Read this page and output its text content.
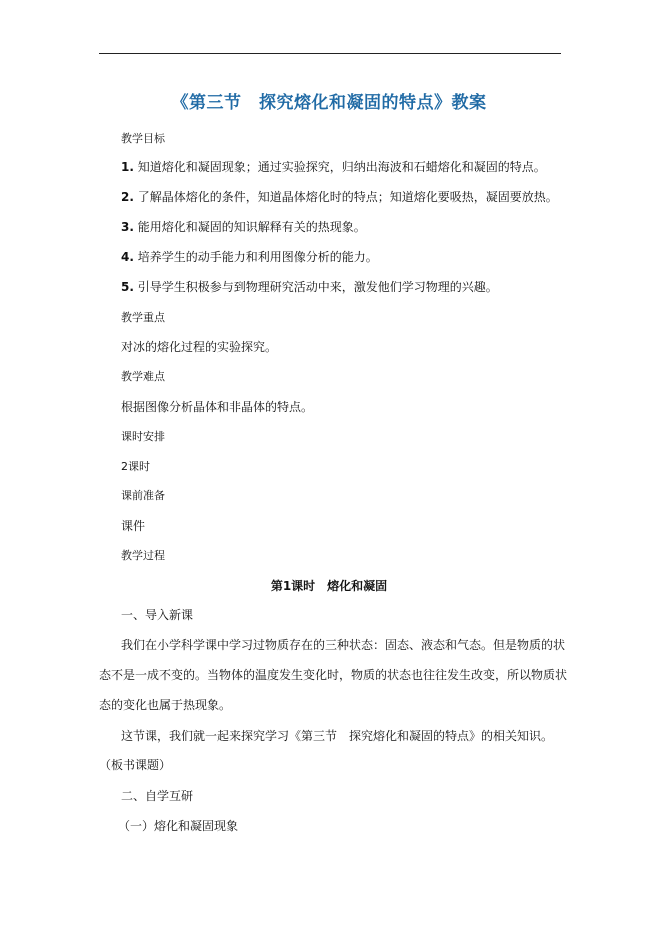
《第三节　探究熔化和凝固的特点》教案
教学目标
1. 知道熔化和凝固现象；通过实验探究，归纳出海波和石蜡熔化和凝固的特点。
2. 了解晶体熔化的条件，知道晶体熔化时的特点；知道熔化要吸热，凝固要放热。
3. 能用熔化和凝固的知识解释有关的热现象。
4. 培养学生的动手能力和利用图像分析的能力。
5. 引导学生积极参与到物理研究活动中来，激发他们学习物理的兴趣。
教学重点
对冰的熔化过程的实验探究。
教学难点
根据图像分析晶体和非晶体的特点。
课时安排
2课时
课前准备
课件
教学过程
第1课时　熔化和凝固
一、导入新课
我们在小学科学课中学习过物质存在的三种状态：固态、液态和气态。但是物质的状
态不是一成不变的。当物体的温度发生变化时，物质的状态也往往发生改变，所以物质状
态的变化也属于热现象。
这节课，我们就一起来探究学习《第三节　探究熔化和凝固的特点》的相关知识。
（板书课题）
二、自学互研
（一）熔化和凝固现象
